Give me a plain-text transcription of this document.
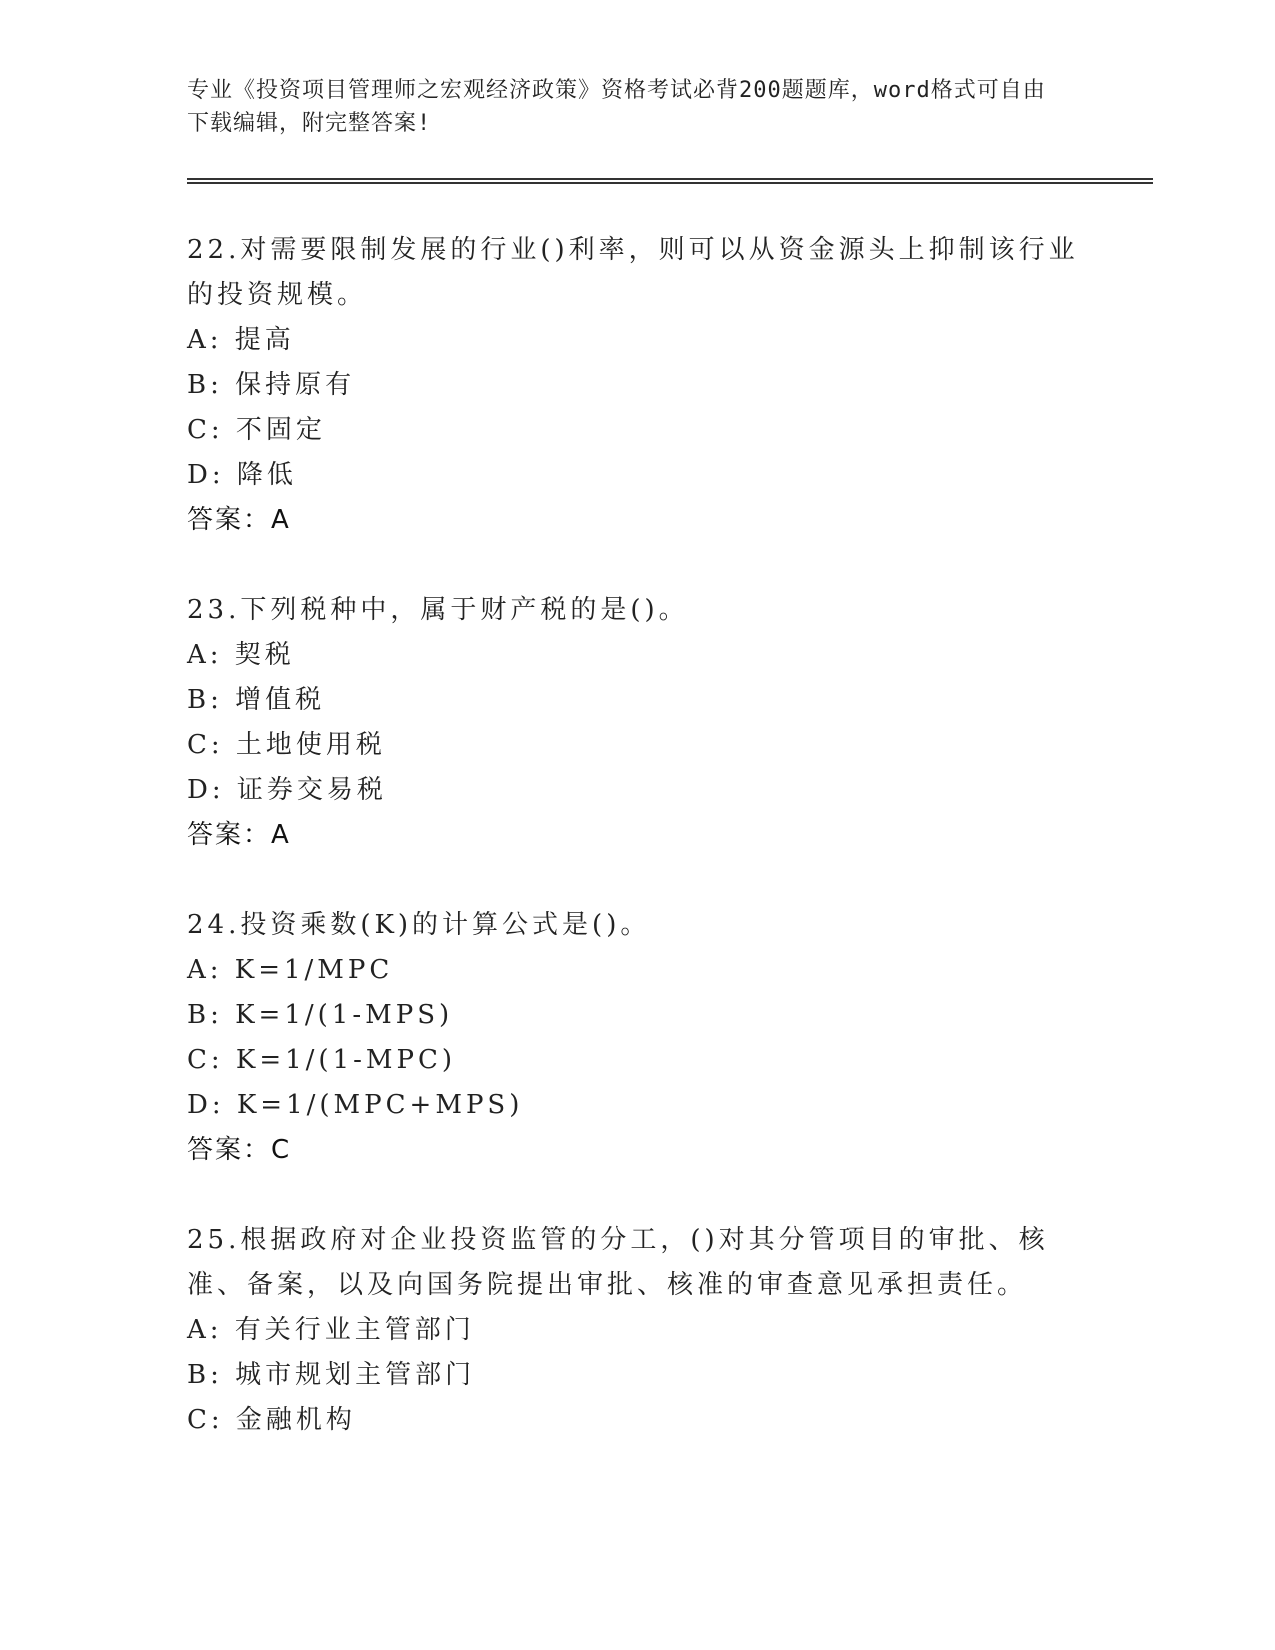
专业《投资项目管理师之宏观经济政策》资格考试必背200题题库，word格式可自由下载编辑，附完整答案!

22.对需要限制发展的行业()利率，则可以从资金源头上抑制该行业的投资规模。

A: 提高

B: 保持原有

C: 不固定

D: 降低

答案：A

23.下列税种中，属于财产税的是()。

A: 契税

B: 增值税

C: 土地使用税

D: 证券交易税

答案：A

24.投资乘数(K)的计算公式是()。

A: K=1/MPC

B: K=1/(1-MPS)

C: K=1/(1-MPC)

D: K=1/(MPC+MPS)

答案：C

25.根据政府对企业投资监管的分工，()对其分管项目的审批、核准、备案，以及向国务院提出审批、核准的审查意见承担责任。

A: 有关行业主管部门

B: 城市规划主管部门

C: 金融机构
